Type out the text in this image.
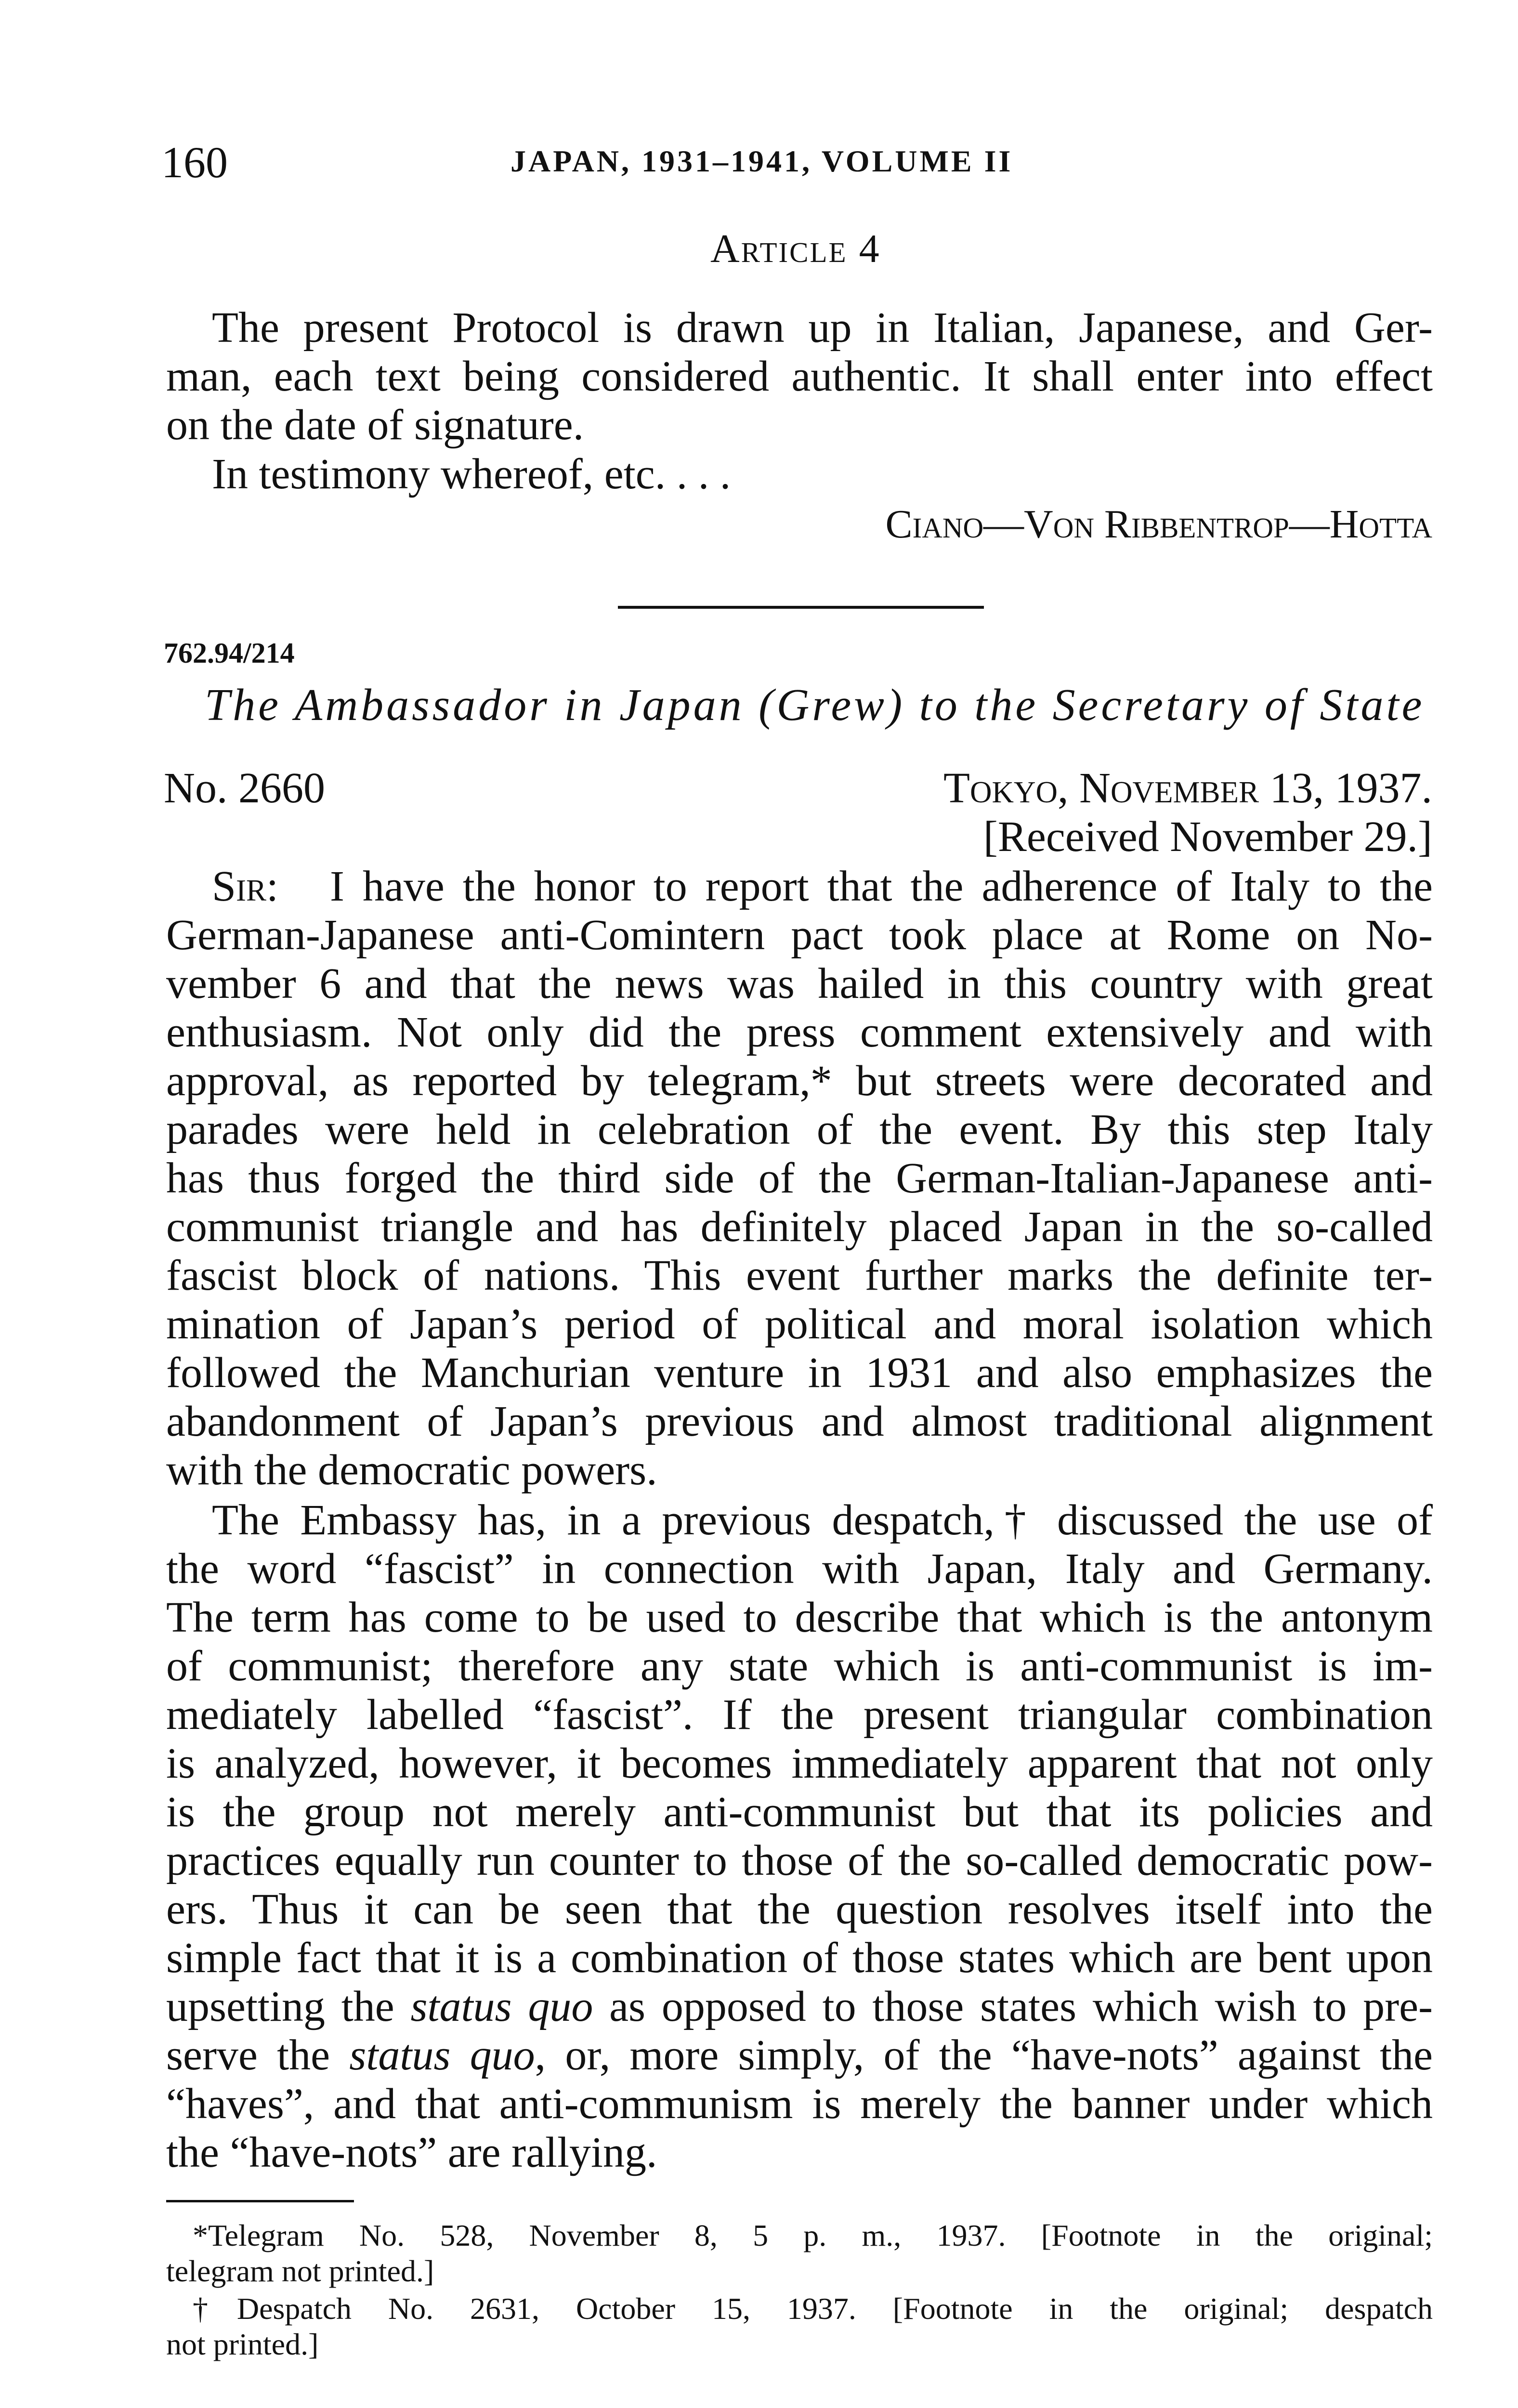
160	JAPAN, 1931–1941, VOLUME II
Article 4
The present Protocol is drawn up in Italian, Japanese, and Ger-
man, each text being considered authentic. It shall enter into effect
on the date of signature.
In testimony whereof, etc. . . .
Ciano—Von Ribbentrop—Hotta
762.94/214
The Ambassador in Japan (Grew) to the Secretary of State
No. 2660	Tokyo, November 13, 1937.
[Received November 29.]
Sir: I have the honor to report that the adherence of Italy to the
German-Japanese anti-Comintern pact took place at Rome on No-
vember 6 and that the news was hailed in this country with great
enthusiasm. Not only did the press comment extensively and with
approval, as reported by telegram,* but streets were decorated and
parades were held in celebration of the event. By this step Italy
has thus forged the third side of the German-Italian-Japanese anti-
communist triangle and has definitely placed Japan in the so-called
fascist block of nations. This event further marks the definite ter-
mination of Japan’s period of political and moral isolation which
followed the Manchurian venture in 1931 and also emphasizes the
abandonment of Japan’s previous and almost traditional alignment
with the democratic powers.
The Embassy has, in a previous despatch,† discussed the use of
the word “fascist” in connection with Japan, Italy and Germany.
The term has come to be used to describe that which is the antonym
of communist; therefore any state which is anti-communist is im-
mediately labelled “fascist”. If the present triangular combination
is analyzed, however, it becomes immediately apparent that not only
is the group not merely anti-communist but that its policies and
practices equally run counter to those of the so-called democratic pow-
ers. Thus it can be seen that the question resolves itself into the
simple fact that it is a combination of those states which are bent upon
upsetting the status quo as opposed to those states which wish to pre-
serve the status quo, or, more simply, of the “have-nots” against the
“haves”, and that anti-communism is merely the banner under which
the “have-nots” are rallying.
*Telegram No. 528, November 8, 5 p. m., 1937. [Footnote in the original;
telegram not printed.]
†Despatch No. 2631, October 15, 1937. [Footnote in the original; despatch
not printed.]
